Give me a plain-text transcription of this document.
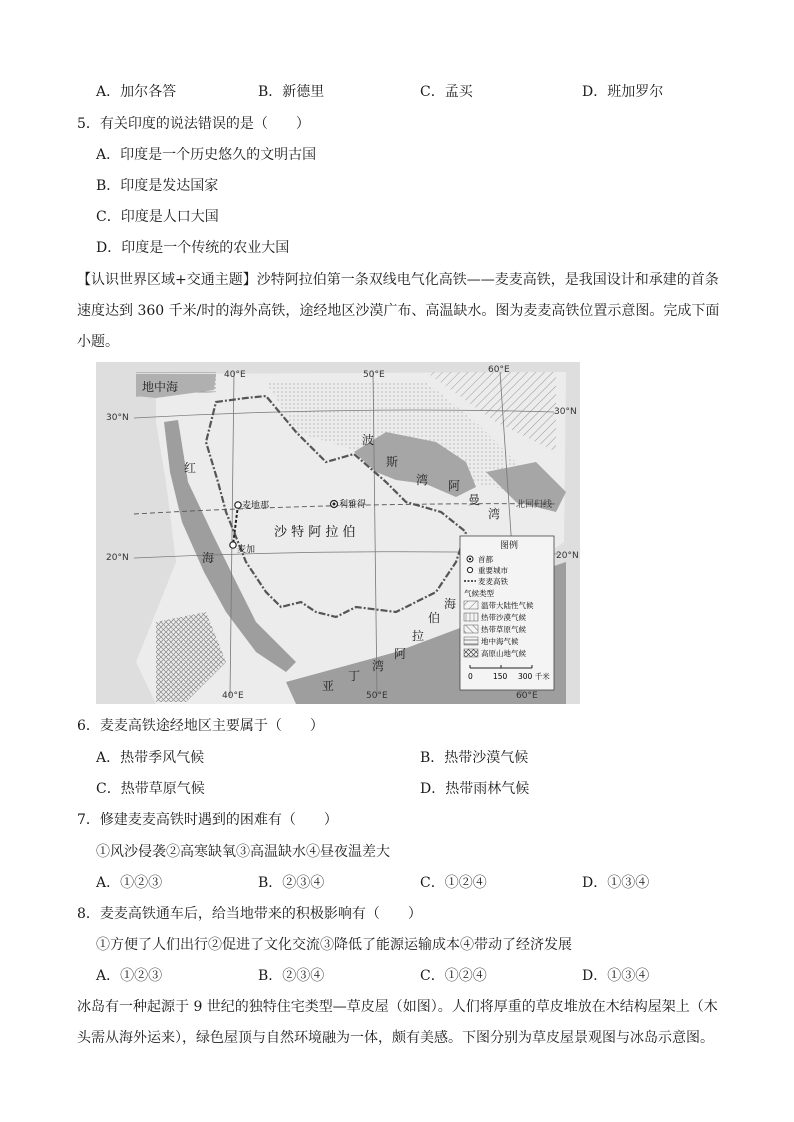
A．加尔各答	B．新德里	C．孟买	D．班加罗尔
5．有关印度的说法错误的是（　　）
A．印度是一个历史悠久的文明古国
B．印度是发达国家
C．印度是人口大国
D．印度是一个传统的农业大国
【认识世界区域+交通主题】沙特阿拉伯第一条双线电气化高铁——麦麦高铁，是我国设计和承建的首条
速度达到 360 千米/时的海外高铁，途经地区沙漠广布、高温缺水。图为麦麦高铁位置示意图。完成下面
小题。
40°E	50°E	60°E
40°E	50°E	60°E
30°N
30°N
20°N	20°N
北回归线
地中海
红
海
波
斯
湾 阿
曼
湾
阿
拉
伯
海
亚
丁
湾
沙 特 阿 拉 伯
麦地那
麦加
利雅得
图例
首都
重要城市
麦麦高铁
气候类型
温带大陆性气候
热带沙漠气候
热带草原气候
地中海气候
高原山地气候
0	150 300 千米
6．麦麦高铁途经地区主要属于（　　）
A．热带季风气候	B．热带沙漠气候
C．热带草原气候	D．热带雨林气候
7．修建麦麦高铁时遇到的困难有（　　）
①风沙侵袭②高寒缺氧③高温缺水④昼夜温差大
A．①②③	B．②③④	C．①②④	D．①③④
8．麦麦高铁通车后，给当地带来的积极影响有（　　）
①方便了人们出行②促进了文化交流③降低了能源运输成本④带动了经济发展
A．①②③	B．②③④	C．①②④	D．①③④
冰岛有一种起源于 9 世纪的独特住宅类型—草皮屋（如图）。人们将厚重的草皮堆放在木结构屋架上（木
头需从海外运来），绿色屋顶与自然环境融为一体，颇有美感。下图分别为草皮屋景观图与冰岛示意图。
